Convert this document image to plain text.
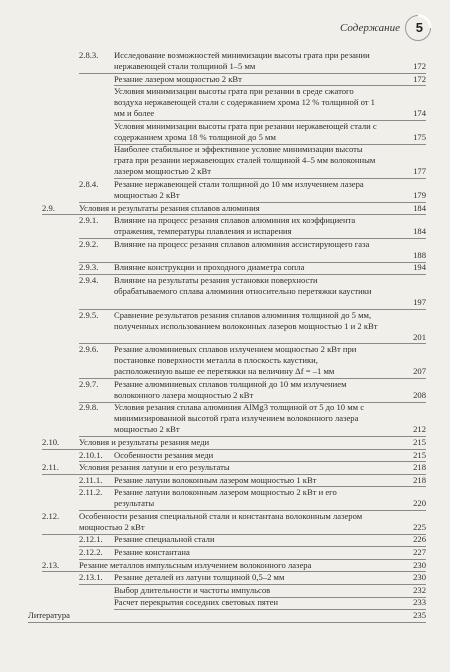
Содержание 5
2.8.3. Исследование возможностей минимизации высоты грата при резании нержавеющей стали толщиной 1–5 мм	172
Резание лазером мощностью 2 кВт	172
Условия минимизации высоты грата при резании в среде сжатого воздуха нержавеющей стали с содержанием хрома 12 % толщиной от 1 мм и более	174
Условия минимизации высоты грата при резании нержавеющей стали с содержанием хрома 18 % толщиной до 5 мм	175
Наиболее стабильное и эффективное условие минимизации высоты грата при резании нержавеющих сталей толщиной 4–5 мм волоконным лазером мощностью 2 кВт	177
2.8.4. Резание нержавеющей стали толщиной до 10 мм излучением лазера мощностью 2 кВт	179
2.9.	Условия и результаты резания сплавов алюминия	184
2.9.1. Влияние на процесс резания сплавов алюминия их коэффициента отражения, температуры плавления и испарения	184
2.9.2. Влияние на процесс резания сплавов алюминия ассистирующего газа
188
2.9.3. Влияние конструкции и проходного диаметра сопла	194
2.9.4. Влияние на результаты резания установки поверхности обрабатываемого сплава алюминия относительно перетяжки каустики
197
2.9.5. Сравнение результатов резания сплавов алюминия толщиной до 5 мм, полученных использованием волоконных лазеров мощностью 1 и 2 кВт
201
2.9.6. Резание алюминиевых сплавов излучением мощностью 2 кВт при постановке поверхности металла в плоскость каустики, расположенную выше ее перетяжки на величину Δf = –1 мм	207
2.9.7. Резание алюминиевых сплавов толщиной до 10 мм излучением волоконного лазера мощностью 2 кВт	208
2.9.8. Условия резания сплава алюминия AlMg3 толщиной от 5 до 10 мм с минимизированной высотой грата излучением волоконного лазера мощностью 2 кВт	212
2.10. Условия и результаты резания меди	215
2.10.1. Особенности резания меди	215
2.11. Условия резания латуни и его результаты	218
2.11.1. Резание латуни волоконным лазером мощностью 1 кВт	218
2.11.2. Резание латуни волоконным лазером мощностью 2 кВт и его результаты	220
2.12. Особенности резания специальной стали и константана волоконным лазером мощностью 2 кВт	225
2.12.1. Резание специальной стали	226
2.12.2. Резание константана	227
2.13. Резание металлов импульсным излучением волоконного лазера	230
2.13.1. Резание деталей из латуни толщиной 0,5–2 мм	230
Выбор длительности и частоты импульсов	232
Расчет перекрытия соседних световых пятен	233
Литература	235
